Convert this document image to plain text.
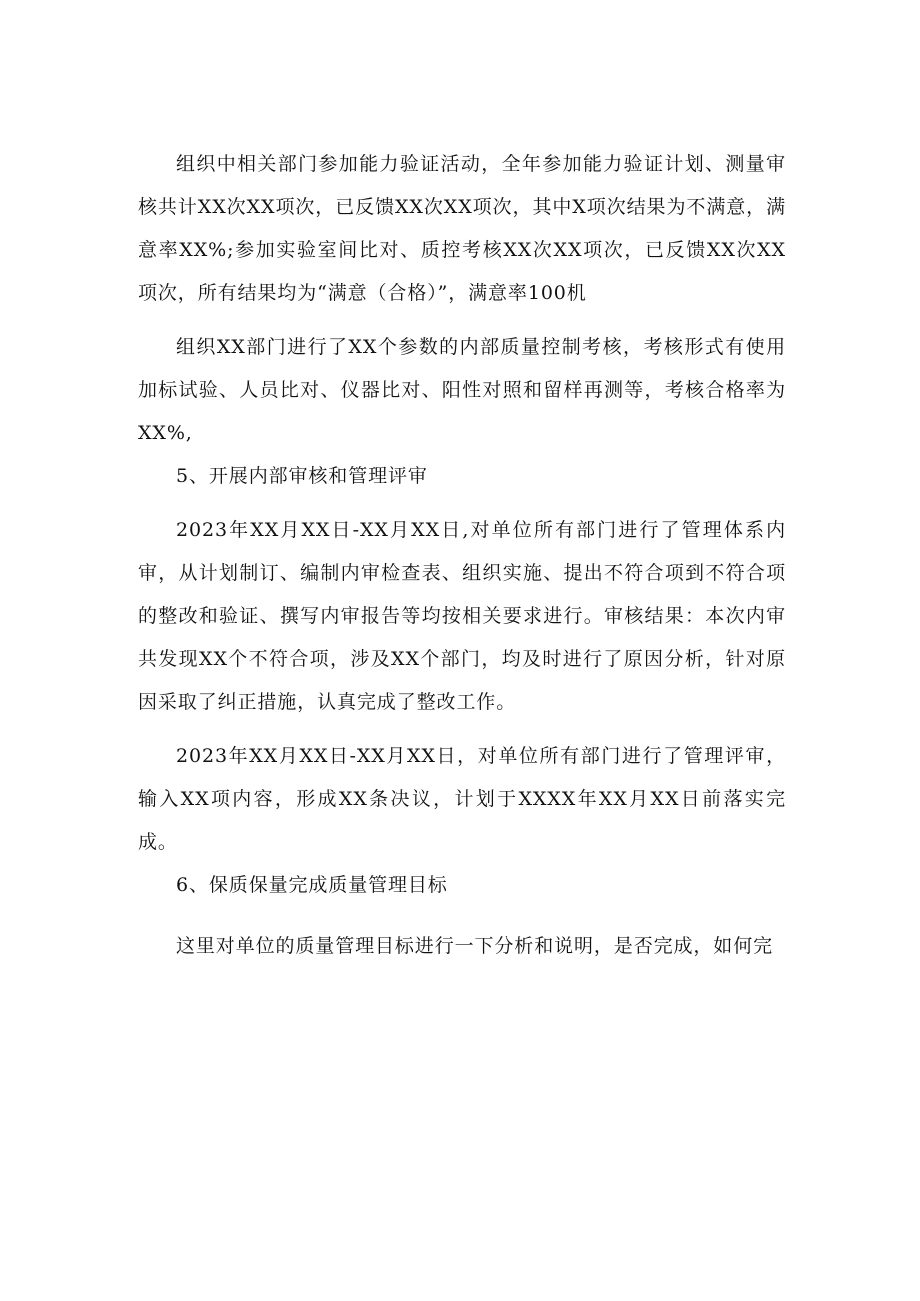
组织中相关部门参加能力验证活动，全年参加能力验证计划、测量审核共计XX次XX项次，已反馈XX次XX项次，其中X项次结果为不满意，满意率XX%;参加实验室间比对、质控考核XX次XX项次，已反馈XX次XX项次，所有结果均为“满意（合格）”，满意率100机

组织XX部门进行了XX个参数的内部质量控制考核，考核形式有使用加标试验、人员比对、仪器比对、阳性对照和留样再测等，考核合格率为XX%,

5、开展内部审核和管理评审

2023年XX月XX日-XX月XX日,对单位所有部门进行了管理体系内审，从计划制订、编制内审检查表、组织实施、提出不符合项到不符合项的整改和验证、撰写内审报告等均按相关要求进行。审核结果：本次内审共发现XX个不符合项，涉及XX个部门，均及时进行了原因分析，针对原因采取了纠正措施，认真完成了整改工作。

2023年XX月XX日-XX月XX日，对单位所有部门进行了管理评审，输入XX项内容，形成XX条决议，计划于XXXX年XX月XX日前落实完成。

6、保质保量完成质量管理目标

这里对单位的质量管理目标进行一下分析和说明，是否完成，如何完
